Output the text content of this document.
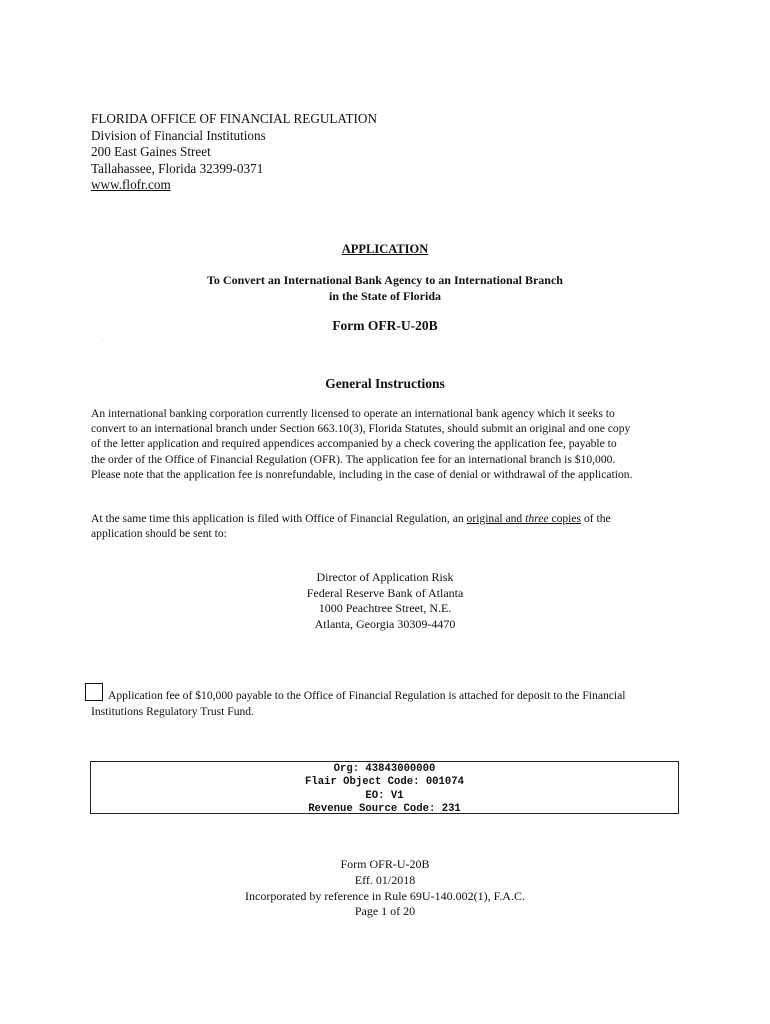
FLORIDA OFFICE OF FINANCIAL REGULATION
Division of Financial Institutions
200 East Gaines Street
Tallahassee, Florida 32399-0371
www.flofr.com
·
·
APPLICATION
To Convert an International Bank Agency to an International Branch
in the State of Florida
Form OFR-U-20B
General Instructions
An international banking corporation currently licensed to operate an international bank agency which it seeks to
convert to an international branch under Section 663.10(3), Florida Statutes, should submit an original and one copy
of the letter application and required appendices accompanied by a check covering the application fee, payable to
the order of the Office of Financial Regulation (OFR). The application fee for an international branch is $10,000.
Please note that the application fee is nonrefundable, including in the case of denial or withdrawal of the application.
At the same time this application is filed with Office of Financial Regulation, an original and three copies of the
application should be sent to:
Director of Application Risk
Federal Reserve Bank of Atlanta
1000 Peachtree Street, N.E.
Atlanta, Georgia 30309-4470
Application fee of $10,000 payable to the Office of Financial Regulation is attached for deposit to the Financial
Institutions Regulatory Trust Fund.
Org: 43843000000
Flair Object Code: 001074
EO: V1
Revenue Source Code: 231
Form OFR-U-20B
Eff. 01/2018
Incorporated by reference in Rule 69U-140.002(1), F.A.C.
Page 1 of 20
